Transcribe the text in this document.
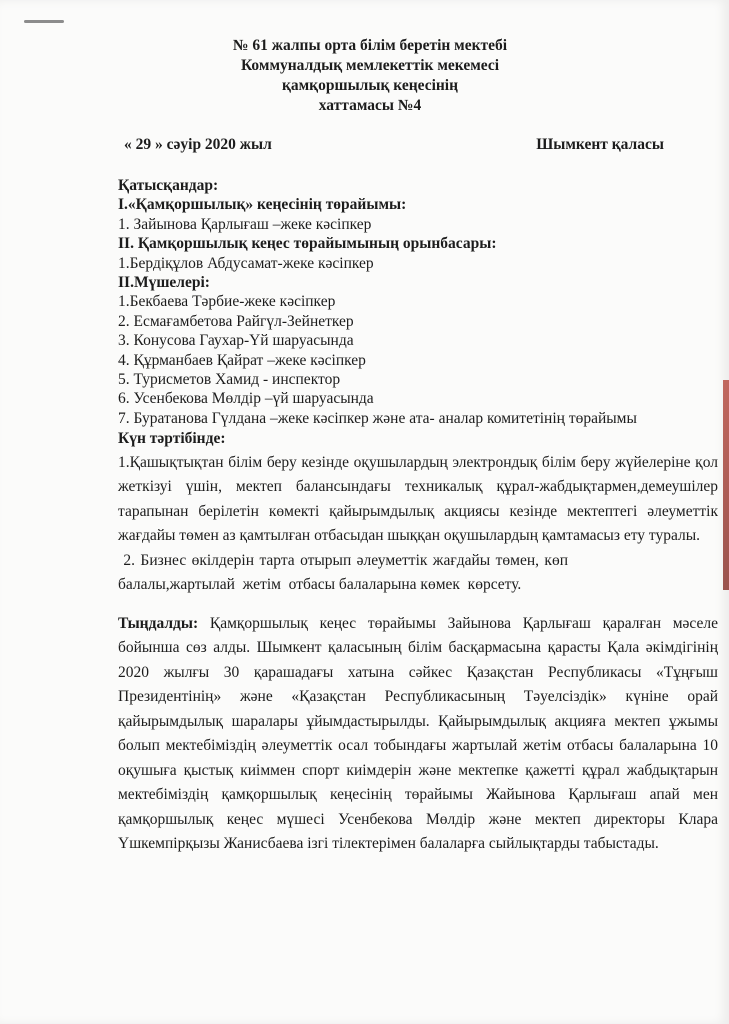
№ 61 жалпы орта білім беретін мектебі
Коммуналдық мемлекеттік мекемесі
қамқоршылық кеңесінің
хаттамасы №4
« 29 » сәуір 2020 жыл	Шымкент қаласы
Қатысқандар:
I.«Қамқоршылық» кеңесінің төрайымы:
1. Зайынова Қарлығаш –жеке кәсіпкер
II. Қамқоршылық кеңес төрайымының орынбасары:
1.Бердіқұлов Абдусамат-жеке кәсіпкер
II.Мүшелері:
1.Бекбаева Тәрбие-жеке кәсіпкер
2. Есмағамбетова Райгүл-Зейнеткер
3. Конусова Гаухар-Үй шаруасында
4. Құрманбаев Қайрат –жеке кәсіпкер
5. Турисметов Хамид - инспектор
6. Усенбекова Мөлдір –үй шаруасында
7. Буратанова Гүлдана –жеке кәсіпкер және ата- аналар комитетінің төрайымы
Күн тәртібінде:
1.Қашықтықтан білім беру кезінде оқушылардың электрондық білім беру жүйелеріне қол жеткізуі үшін, мектеп балансындағы техникалық құрал-жабдықтармен,демеушілер тарапынан берілетін көмекті қайырымдылық акциясы кезінде мектептегі әлеуметтік жағдайы төмен аз қамтылған отбасыдан шыққан оқушылардың қамтамасыз ету туралы.
2. Бизнес өкілдерін тарта отырып әлеуметтік жағдайы төмен, көп балалы,жартылай  жетім  отбасы балаларына көмек  көрсету.
Тыңдалды: Қамқоршылық кеңес төрайымы Зайынова Қарлығаш қаралған мәселе бойынша сөз алды. Шымкент қаласының білім басқармасына қарасты Қала әкімдігінің 2020 жылғы 30 қарашадағы хатына сәйкес Қазақстан Республикасы «Тұңғыш Президентінің» және «Қазақстан Республикасының Тәуелсіздік» күніне орай қайырымдылық шаралары ұйымдастырылды. Қайырымдылық акцияға мектеп ұжымы болып мектебіміздің әлеуметтік осал тобындағы жартылай жетім отбасы балаларына 10 оқушыға қыстық киіммен спорт киімдерін және мектепке қажетті құрал жабдықтарын мектебіміздің қамқоршылық кеңесінің төрайымы Жайынова Қарлығаш апай мен қамқоршылық кеңес мүшесі Усенбекова Мөлдір және мектеп директоры Клара Үшкемпірқызы Жанисбаева ізгі тілектерімен балаларға сыйлықтарды табыстады.
